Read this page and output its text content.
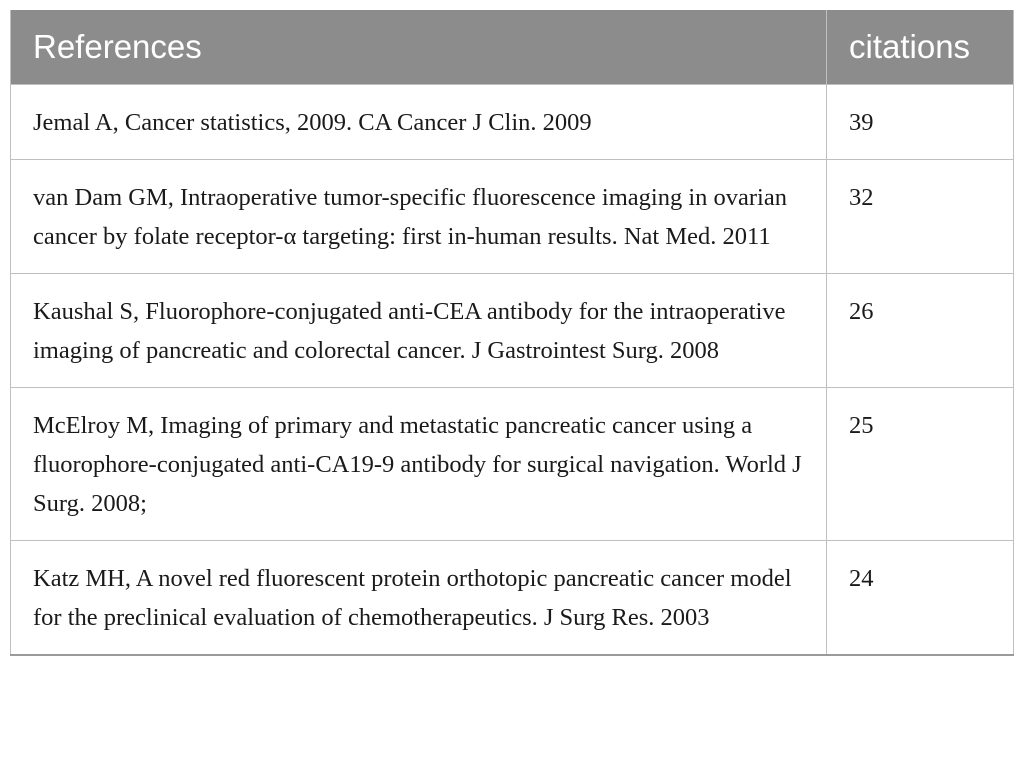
References	citations
Jemal A, Cancer statistics, 2009. CA Cancer J Clin. 2009	39
van Dam GM, Intraoperative tumor-specific fluorescence imaging in ovarian cancer by folate receptor-α targeting: first in-human results. Nat Med. 2011	32
Kaushal S, Fluorophore-conjugated anti-CEA antibody for the intraoperative imaging of pancreatic and colorectal cancer. J Gastrointest Surg. 2008	26
McElroy M, Imaging of primary and metastatic pancreatic cancer using a fluorophore-conjugated anti-CA19-9 antibody for surgical navigation. World J Surg. 2008;	25
Katz MH, A novel red fluorescent protein orthotopic pancreatic cancer model for the preclinical evaluation of chemotherapeutics. J Surg Res. 2003	24
